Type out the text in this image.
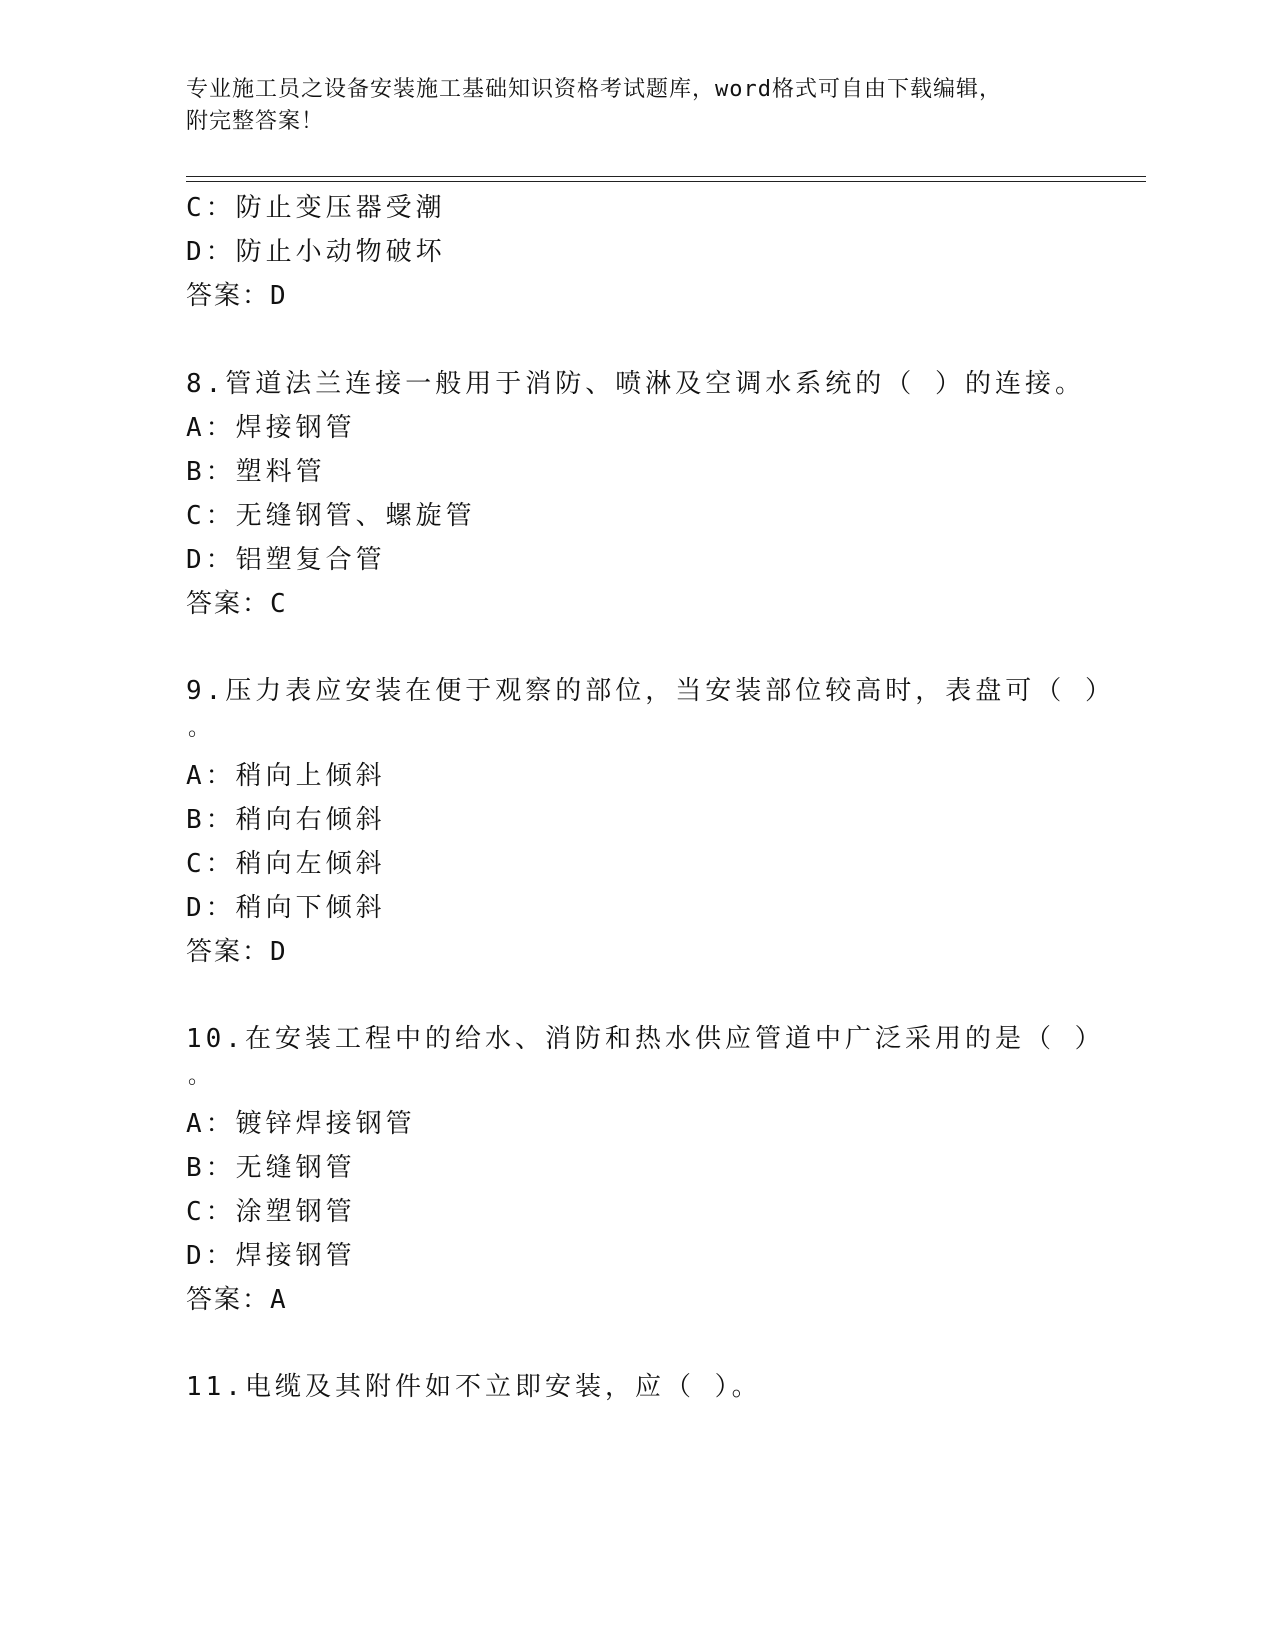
专业施工员之设备安装施工基础知识资格考试题库，word格式可自由下载编辑，
附完整答案！
C：防止变压器受潮
D：防止小动物破坏
答案：D
8.管道法兰连接一般用于消防、喷淋及空调水系统的（ ）的连接。
A：焊接钢管
B：塑料管
C：无缝钢管、螺旋管
D：铝塑复合管
答案：C
9.压力表应安装在便于观察的部位，当安装部位较高时，表盘可（ ）
。
A：稍向上倾斜
B：稍向右倾斜
C：稍向左倾斜
D：稍向下倾斜
答案：D
10.在安装工程中的给水、消防和热水供应管道中广泛采用的是（ ）
。
A：镀锌焊接钢管
B：无缝钢管
C：涂塑钢管
D：焊接钢管
答案：A
11.电缆及其附件如不立即安装，应（ ）。
